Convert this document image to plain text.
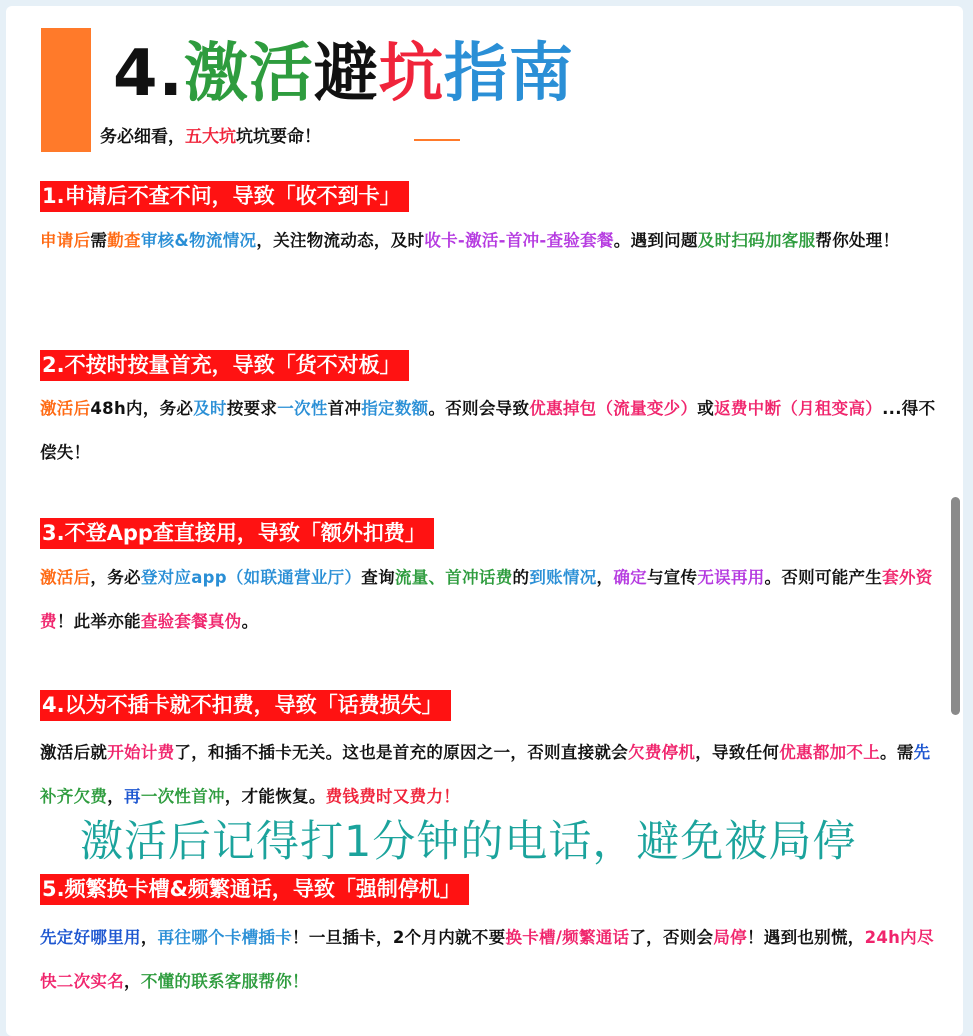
4.激活避坑指南
务必细看，五大坑坑坑要命！
1.申请后不查不问，导致「收不到卡」
申请后需勤查审核&物流情况，关注物流动态，及时收卡-激活-首冲-查验套餐。遇到问题及时扫码加客服帮你处理！
2.不按时按量首充，导致「货不对板」
激活后48h内，务必及时按要求一次性首冲指定数额。否则会导致优惠掉包（流量变少）或返费中断（月租变高）...得不偿失！
3.不登App查直接用，导致「额外扣费」
激活后，务必登对应app（如联通营业厅）查询流量、首冲话费的到账情况，确定与宣传无误再用。否则可能产生套外资费！此举亦能查验套餐真伪。
4.以为不插卡就不扣费，导致「话费损失」
激活后就开始计费了，和插不插卡无关。这也是首充的原因之一，否则直接就会欠费停机，导致任何优惠都加不上。需先补齐欠费，再一次性首冲，才能恢复。费钱费时又费力！
激活后记得打1分钟的电话，避免被局停
5.频繁换卡槽&频繁通话，导致「强制停机」
先定好哪里用，再往哪个卡槽插卡！一旦插卡，2个月内就不要换卡槽/频繁通话了，否则会局停！遇到也别慌，24h内尽快二次实名，不懂的联系客服帮你！
